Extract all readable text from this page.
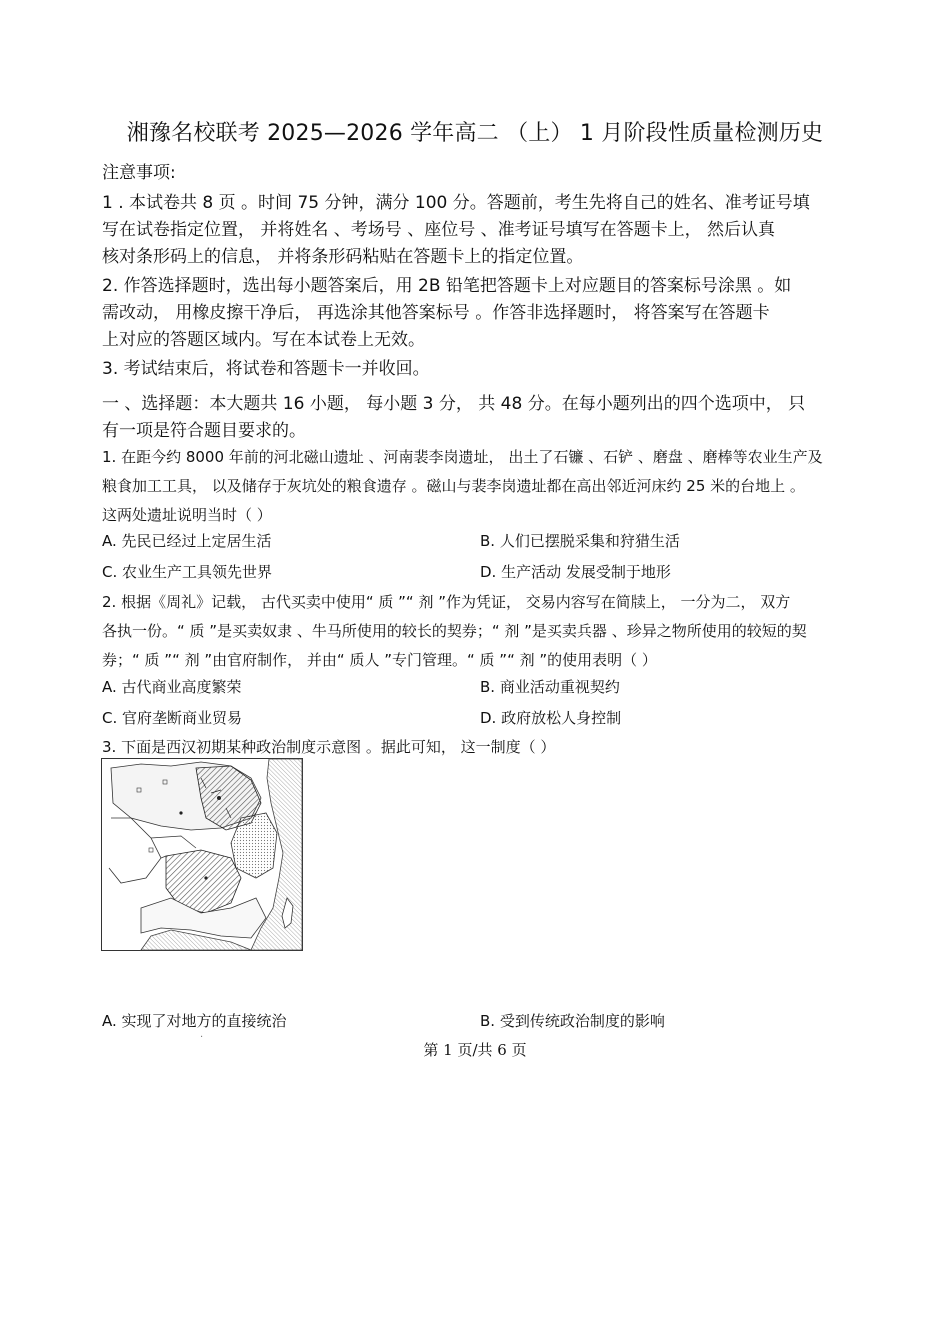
湘豫名校联考 2025—2026 学年高二 （上） 1 月阶段性质量检测历史
注意事项:
1 . 本试卷共 8 页 。时间 75 分钟，满分 100 分。答题前，考生先将自己的姓名、准考证号填
写在试卷指定位置， 并将姓名 、考场号 、座位号 、准考证号填写在答题卡上， 然后认真
核对条形码上的信息， 并将条形码粘贴在答题卡上的指定位置。
2. 作答选择题时，选出每小题答案后，用 2B 铅笔把答题卡上对应题目的答案标号涂黑 。如
需改动， 用橡皮擦干净后， 再选涂其他答案标号 。作答非选择题时， 将答案写在答题卡
上对应的答题区域内。写在本试卷上无效。
3. 考试结束后，将试卷和答题卡一并收回。
一 、选择题：本大题共 16 小题， 每小题 3 分， 共 48 分。在每小题列出的四个选项中， 只
有一项是符合题目要求的。
1. 在距今约 8000 年前的河北磁山遗址 、河南裴李岗遗址， 出土了石镰 、石铲 、磨盘 、磨棒等农业生产及
粮食加工工具， 以及储存于灰坑处的粮食遗存 。磁山与裴李岗遗址都在高出邻近河床约 25 米的台地上 。
这两处遗址说明当时（ ）
A. 先民已经过上定居生活	B. 人们已摆脱采集和狩猎生活
C. 农业生产工具领先世界	D. 生产活动 发展受制于地形
2. 根据《周礼》记载， 古代买卖中使用“ 质 ”“ 剂 ”作为凭证， 交易内容写在简牍上， 一分为二， 双方
各执一份。“ 质 ”是买卖奴隶 、牛马所使用的较长的契券；“ 剂 ”是买卖兵器 、珍异之物所使用的较短的契
券；“ 质 ”“ 剂 ”由官府制作， 并由“ 质人 ”专门管理。“ 质 ”“ 剂 ”的使用表明（ ）
A. 古代商业高度繁荣	B. 商业活动重视契约
C. 官府垄断商业贸易	D. 政府放松人身控制
3. 下面是西汉初期某种政治制度示意图 。据此可知， 这一制度（ ）
A. 实现了对地方的直接统治	B. 受到传统政治制度的影响
·
第 1 页/共 6 页
